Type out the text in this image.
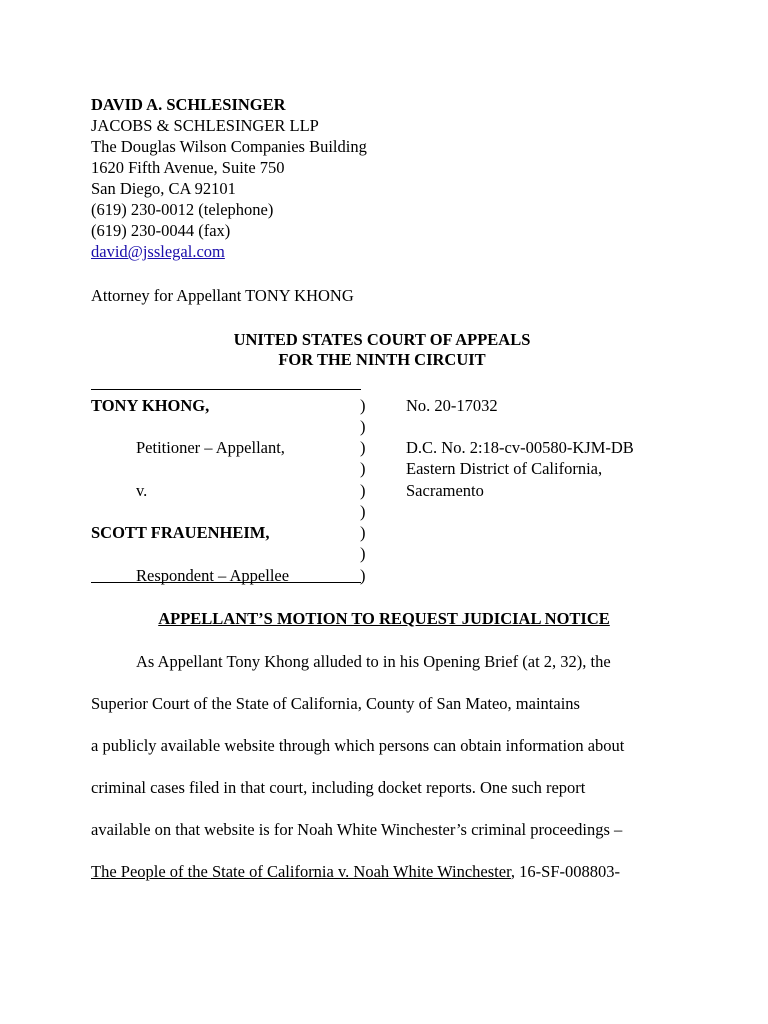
DAVID A. SCHLESINGER
JACOBS & SCHLESINGER LLP
The Douglas Wilson Companies Building
1620 Fifth Avenue, Suite 750
San Diego, CA 92101
(619) 230-0012 (telephone)
(619) 230-0044 (fax)
david@jsslegal.com
Attorney for Appellant TONY KHONG
UNITED STATES COURT OF APPEALS
FOR THE NINTH CIRCUIT
TONY KHONG,
Petitioner – Appellant,
v.
SCOTT FRAUENHEIM,
Respondent – Appellee
)
)
)
)
)
)
)
)
)
No. 20-17032
D.C. No. 2:18-cv-00580-KJM-DB
Eastern District of California,
Sacramento
APPELLANT’S MOTION TO REQUEST JUDICIAL NOTICE
As Appellant Tony Khong alluded to in his Opening Brief (at 2, 32), the
Superior Court of the State of California, County of San Mateo, maintains
a publicly available website through which persons can obtain information about
criminal cases filed in that court, including docket reports. One such report
available on that website is for Noah White Winchester’s criminal proceedings –
The People of the State of California v. Noah White Winchester, 16-SF-008803-
